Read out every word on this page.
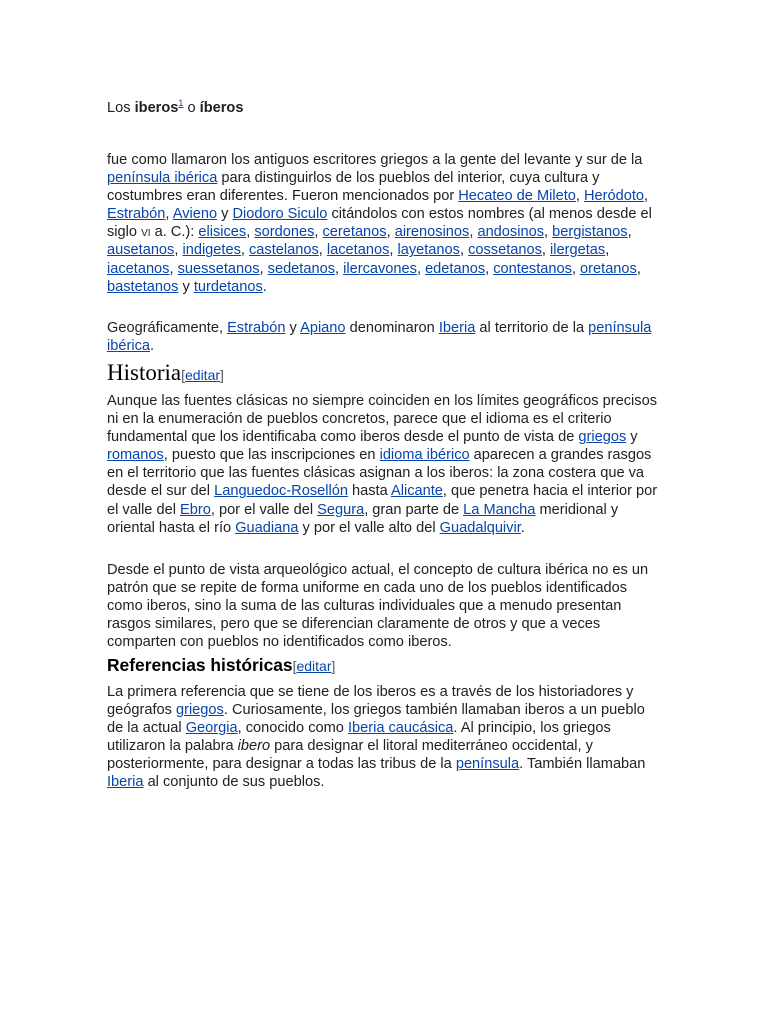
Los iberos$^1$ o íberos

fue como llamaron los antiguos escritores griegos a la gente del levante y sur de la península ibérica para distinguirlos de los pueblos del interior, cuya cultura y costumbres eran diferentes. Fueron mencionados por Hecateo de Mileto, Heródoto, Estrabón, Avieno y Diodoro Siculo citándolos con estos nombres (al menos desde el siglo vi a. C.): elisices, sordones, ceretanos, airenosinos, andosinos, bergistanos, ausetanos, indigetes, castelanos, lacetanos, layetanos, cossetanos, ilergetas, iacetanos, suessetanos, sedetanos, ilercavones, edetanos, contestanos, oretanos, bastetanos y turdetanos.

Geográficamente, Estrabón y Apiano denominaron Iberia al territorio de la península ibérica.

Historia[editar]

Aunque las fuentes clásicas no siempre coinciden en los límites geográficos precisos ni en la enumeración de pueblos concretos, parece que el idioma es el criterio fundamental que los identificaba como iberos desde el punto de vista de griegos y romanos, puesto que las inscripciones en idioma ibérico aparecen a grandes rasgos en el territorio que las fuentes clásicas asignan a los iberos: la zona costera que va desde el sur del Languedoc-Rosellón hasta Alicante, que penetra hacia el interior por el valle del Ebro, por el valle del Segura, gran parte de La Mancha meridional y oriental hasta el río Guadiana y por el valle alto del Guadalquivir.

Desde el punto de vista arqueológico actual, el concepto de cultura ibérica no es un patrón que se repite de forma uniforme en cada uno de los pueblos identificados como iberos, sino la suma de las culturas individuales que a menudo presentan rasgos similares, pero que se diferencian claramente de otros y que a veces comparten con pueblos no identificados como iberos.

Referencias históricas[editar]

La primera referencia que se tiene de los iberos es a través de los historiadores y geógrafos griegos. Curiosamente, los griegos también llamaban iberos a un pueblo de la actual Georgia, conocido como Iberia caucásica. Al principio, los griegos utilizaron la palabra ibero para designar el litoral mediterráneo occidental, y posteriormente, para designar a todas las tribus de la península. También llamaban Iberia al conjunto de sus pueblos.
